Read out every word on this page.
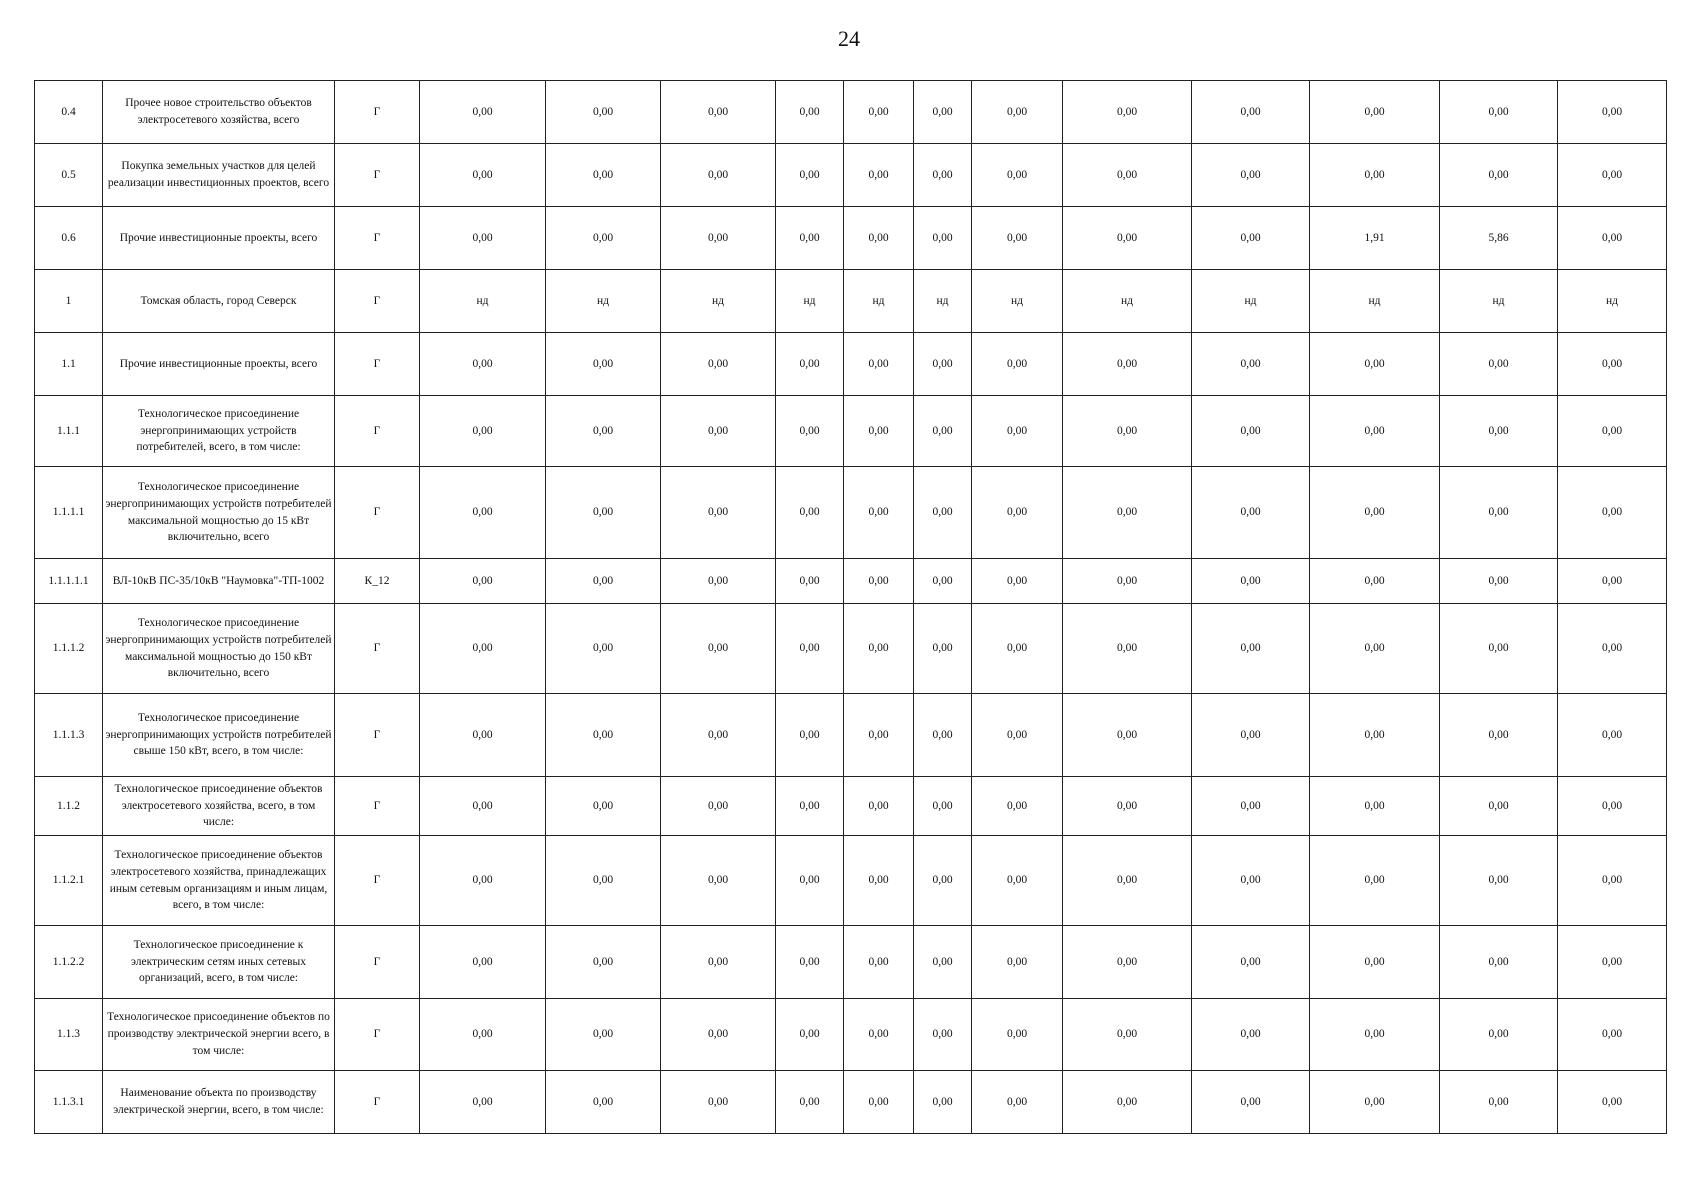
24
0.4	Прочее новое строительство объектов электросетевого хозяйства, всего	Г	0,00	0,00	0,00	0,00	0,00	0,00	0,00	0,00	0,00	0,00	0,00	0,00
0.5	Покупка земельных участков для целей реализации инвестиционных проектов, всего	Г	0,00	0,00	0,00	0,00	0,00	0,00	0,00	0,00	0,00	0,00	0,00	0,00
0.6	Прочие инвестиционные проекты, всего	Г	0,00	0,00	0,00	0,00	0,00	0,00	0,00	0,00	0,00	1,91	5,86	0,00
1	Томская область, город Северск	Г	нд	нд	нд	нд	нд	нд	нд	нд	нд	нд	нд	нд
1.1	Прочие инвестиционные проекты, всего	Г	0,00	0,00	0,00	0,00	0,00	0,00	0,00	0,00	0,00	0,00	0,00	0,00
1.1.1	Технологическое присоединение энергопринимающих устройств потребителей, всего, в том числе:	Г	0,00	0,00	0,00	0,00	0,00	0,00	0,00	0,00	0,00	0,00	0,00	0,00
1.1.1.1	Технологическое присоединение энергопринимающих устройств потребителей максимальной мощностью до 15 кВт включительно, всего	Г	0,00	0,00	0,00	0,00	0,00	0,00	0,00	0,00	0,00	0,00	0,00	0,00
1.1.1.1.1	ВЛ-10кВ ПС-35/10кВ "Наумовка"-ТП-1002	К_12	0,00	0,00	0,00	0,00	0,00	0,00	0,00	0,00	0,00	0,00	0,00	0,00
1.1.1.2	Технологическое присоединение энергопринимающих устройств потребителей максимальной мощностью до 150 кВт включительно, всего	Г	0,00	0,00	0,00	0,00	0,00	0,00	0,00	0,00	0,00	0,00	0,00	0,00
1.1.1.3	Технологическое присоединение энергопринимающих устройств потребителей свыше 150 кВт, всего, в том числе:	Г	0,00	0,00	0,00	0,00	0,00	0,00	0,00	0,00	0,00	0,00	0,00	0,00
1.1.2	Технологическое присоединение объектов электросетевого хозяйства, всего, в том числе:	Г	0,00	0,00	0,00	0,00	0,00	0,00	0,00	0,00	0,00	0,00	0,00	0,00
1.1.2.1	Технологическое присоединение объектов электросетевого хозяйства, принадлежащих иным сетевым организациям и иным лицам, всего, в том числе:	Г	0,00	0,00	0,00	0,00	0,00	0,00	0,00	0,00	0,00	0,00	0,00	0,00
1.1.2.2	Технологическое присоединение к электрическим сетям иных сетевых организаций, всего, в том числе:	Г	0,00	0,00	0,00	0,00	0,00	0,00	0,00	0,00	0,00	0,00	0,00	0,00
1.1.3	Технологическое присоединение объектов по производству электрической энергии всего, в том числе:	Г	0,00	0,00	0,00	0,00	0,00	0,00	0,00	0,00	0,00	0,00	0,00	0,00
1.1.3.1	Наименование объекта по производству электрической энергии, всего, в том числе:	Г	0,00	0,00	0,00	0,00	0,00	0,00	0,00	0,00	0,00	0,00	0,00	0,00
